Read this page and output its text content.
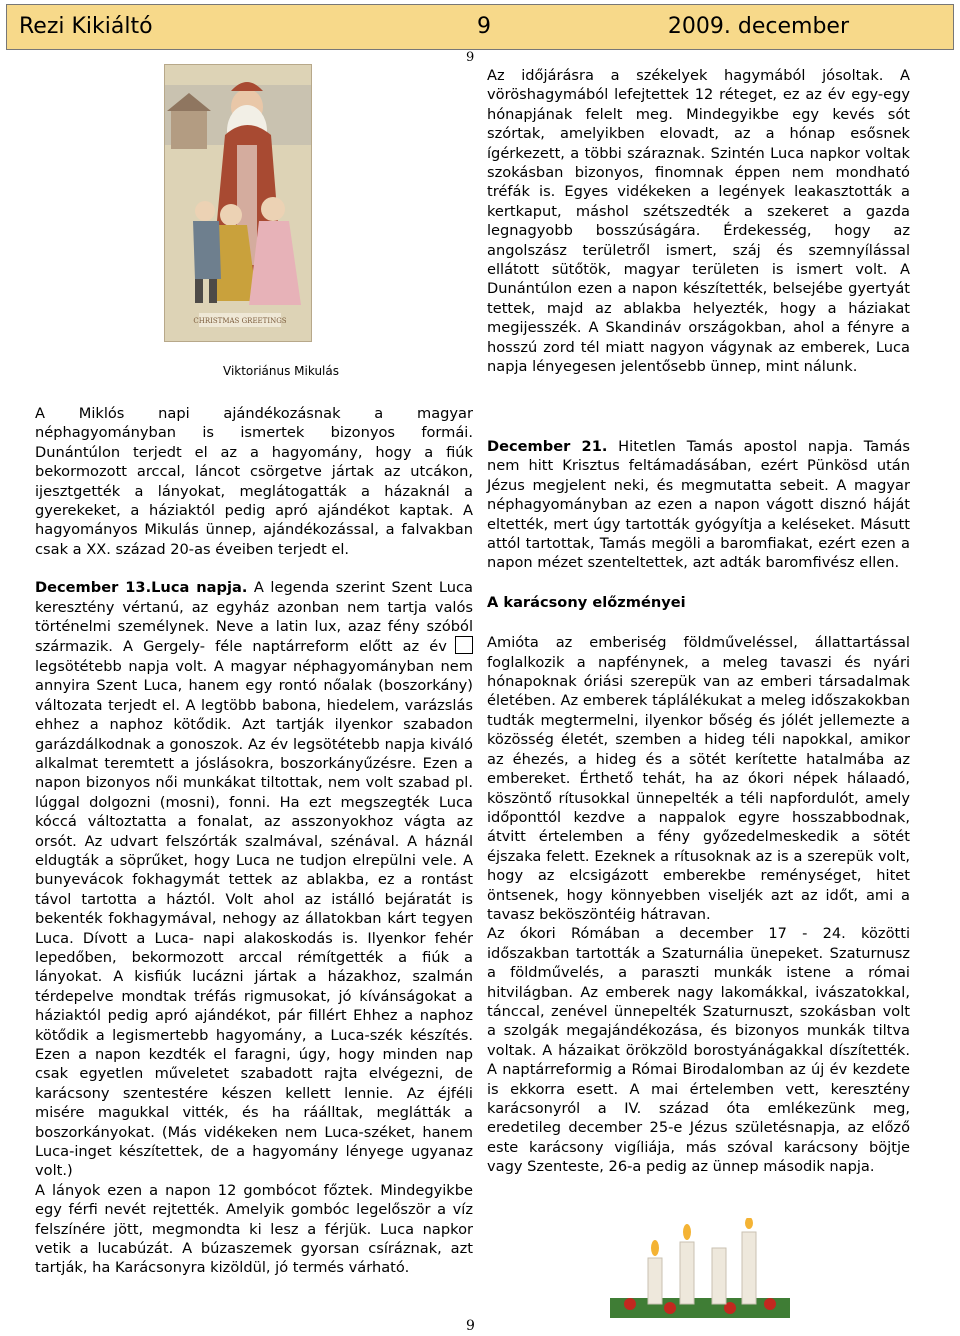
Rezi Kikiáltó	9	2009. december
9
CHRISTMAS GREETINGS
Viktoriánus Mikulás

A Miklós napi ajándékozásnak a magyar néphagyományban is ismertek bizonyos formái. Dunántúlon terjedt el az a hagyomány, hogy a fiúk bekormozott arccal, láncot csörgetve jártak az utcákon, ijesztgették a lányokat, meglátogatták a házaknál a gyerekeket, a háziaktól pedig apró ajándékot kaptak. A hagyományos Mikulás ünnep, ajándékozással, a falvakban csak a XX. század 20-as éveiben terjedt el.

December 13.Luca napja. A legenda szerint Szent Luca keresztény vértanú, az egyház azonban nem tartja valós történelmi személynek. Neve a latin lux, azaz fény szóból származik. A Gergely- féle naptárreform előtt az év legsötétebb napja volt. A magyar néphagyományban nem annyira Szent Luca, hanem egy rontó nőalak (boszorkány) változata terjedt el. A legtöbb babona, hiedelem, varázslás ehhez a naphoz kötődik. Azt tartják ilyenkor szabadon garázdálkodnak a gonoszok. Az év legsötétebb napja kiváló alkalmat teremtett a jóslásokra, boszorkányűzésre. Ezen a napon bizonyos női munkákat tiltottak, nem volt szabad pl. lúggal dolgozni (mosni), fonni. Ha ezt megszegték Luca kóccá változtatta a fonalat, az asszonyokhoz vágta az orsót. Az udvart felszórták szalmával, szénával. A háznál eldugták a söprűket, hogy Luca ne tudjon elrepülni vele. A bunyevácok fokhagymát tettek az ablakba, ez a rontást távol tartotta a háztól. Volt ahol az istálló bejáratát is bekenték fokhagymával, nehogy az állatokban kárt tegyen Luca. Dívott a Luca- napi alakoskodás is. Ilyenkor fehér lepedőben, bekormozott arccal rémítgették a fiúk a lányokat. A kisfiúk lucázni jártak a házakhoz, szalmán térdepelve mondtak tréfás rigmusokat, jó kívánságokat a háziaktól pedig apró ajándékot, pár fillért Ehhez a naphoz kötődik a legismertebb hagyomány, a Luca-szék készítés. Ezen a napon kezdték el faragni, úgy, hogy minden nap csak egyetlen műveletet szabadott rajta elvégezni, de karácsony szentestére készen kellett lennie. Az éjféli misére magukkal vitték, és ha ráálltak, meglátták a boszorkányokat. (Más vidékeken nem Luca-széket, hanem Luca-inget készítettek, de a hagyomány lényege ugyanaz volt.)

A lányok ezen a napon 12 gombócot főztek. Mindegyikbe egy férfi nevét rejtették. Amelyik gombóc legelőször a víz felszínére jött, megmondta ki lesz a férjük. Luca napkor vetik a lucabúzát. A búzaszemek gyorsan csíráznak, azt tartják, ha Karácsonyra kizöldül, jó termés várható.

Az időjárásra a székelyek hagymából jósoltak. A vöröshagymából lefejtettek 12 réteget, ez az év egy-egy hónapjának felelt meg. Mindegyikbe egy kevés sót szórtak, amelyikben elovadt, az a hónap esősnek ígérkezett, a többi száraznak. Szintén Luca napkor voltak szokásban bizonyos, finomnak éppen nem mondható tréfák is. Egyes vidékeken a legények leakasztották a kertkaput, máshol szétszedték a szekeret a gazda legnagyobb bosszúságára. Érdekesség, hogy az angolszász területről ismert, száj és szemnyílással ellátott sütőtök, magyar területen is ismert volt. A Dunántúlon ezen a napon készítették, belsejébe gyertyát tettek, majd az ablakba helyezték, hogy a háziakat megijesszék. A Skandináv országokban, ahol a fényre a hosszú zord tél miatt nagyon vágynak az emberek, Luca napja lényegesen jelentősebb ünnep, mint nálunk.

December 21. Hitetlen Tamás apostol napja. Tamás nem hitt Krisztus feltámadásában, ezért Pünkösd után Jézus megjelent neki, és megmutatta sebeit. A magyar néphagyományban az ezen a napon vágott disznó háját eltették, mert úgy tartották gyógyítja a keléseket. Másutt attól tartottak, Tamás megöli a baromfiakat, ezért ezen a napon mézet szenteltettek, azt adták baromfivész ellen.

A karácsony előzményei

Amióta az emberiség földműveléssel, állattartással foglalkozik a napfénynek, a meleg tavaszi és nyári hónapoknak óriási szerepük van az emberi társadalmak életében. Az emberek táplálékukat a meleg időszakokban tudták megtermelni, ilyenkor bőség és jólét jellemezte a közösség életét, szemben a hideg téli napokkal, amikor az éhezés, a hideg és a sötét kerítette hatalmába az embereket. Érthető tehát, ha az ókori népek hálaadó, köszöntő rítusokkal ünnepelték a téli napfordulót, amely időponttól kezdve a nappalok egyre hosszabbodnak, átvitt értelemben a fény győzedelmeskedik a sötét éjszaka felett. Ezeknek a rítusoknak az is a szerepük volt, hogy az elcsigázott emberekbe reménységet, hitet öntsenek, hogy könnyebben viseljék azt az időt, ami a tavasz beköszöntéig hátravan.

Az ókori Rómában a december 17 - 24. közötti időszakban tartották a Szaturnália ünepeket. Szaturnusz a földművelés, a paraszti munkák istene a római hitvilágban. Az emberek nagy lakomákkal, ivászatokkal, tánccal, zenével ünnepelték Szaturnuszt, szokásban volt a szolgák megajándékozása, és bizonyos munkák tiltva voltak. A házaikat örökzöld borostyánágakkal díszítették. A naptárreformig a Római Birodalomban az új év kezdete is ekkorra esett. A mai értelemben vett, keresztény karácsonyról a IV. század óta emlékezünk meg, eredetileg december 25-e Jézus születésnapja, az előző este karácsony vigíliája, más szóval karácsony böjtje vagy Szenteste, 26-a pedig az ünnep második napja.

9
